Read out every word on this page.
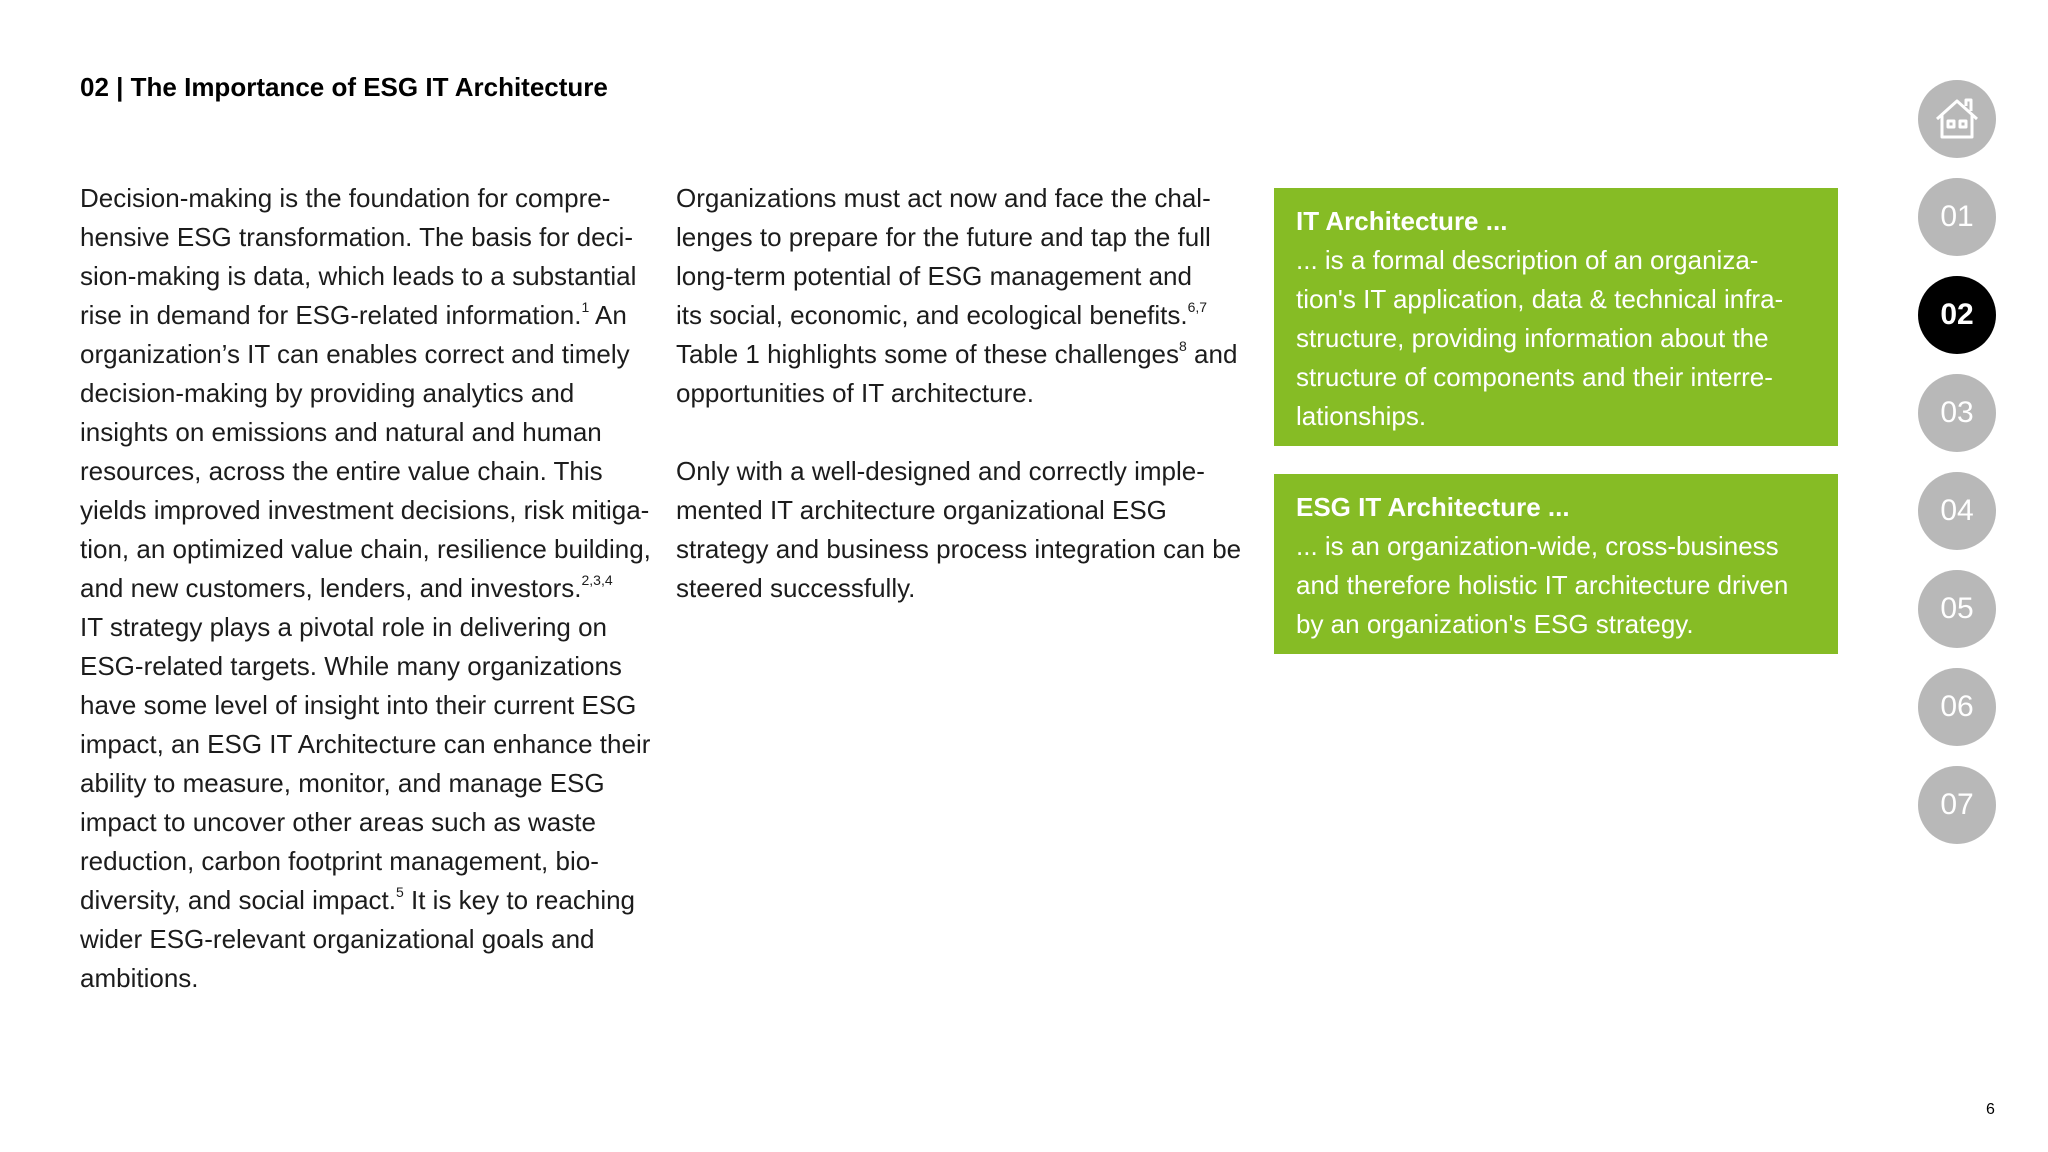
02 | The Importance of ESG IT Architecture

Decision-making is the foundation for compre-
hensive ESG transformation. The basis for deci-
sion-making is data, which leads to a substantial
rise in demand for ESG-related information.$^1$ An
organization’s IT can enables correct and timely
decision-making by providing analytics and
insights on emissions and natural and human
resources, across the entire value chain. This
yields improved investment decisions, risk mitiga-
tion, an optimized value chain, resilience building,
and new customers, lenders, and investors.$^{2,3,4}$
IT strategy plays a pivotal role in delivering on
ESG-related targets. While many organizations
have some level of insight into their current ESG
impact, an ESG IT Architecture can enhance their
ability to measure, monitor, and manage ESG
impact to uncover other areas such as waste
reduction, carbon footprint management, bio-
diversity, and social impact.$^5$ It is key to reaching
wider ESG-relevant organizational goals and
ambitions.

Organizations must act now and face the chal-
lenges to prepare for the future and tap the full
long-term potential of ESG management and
its social, economic, and ecological benefits.$^{6,7}$
Table 1 highlights some of these challenges$^8$ and
opportunities of IT architecture.

Only with a well-designed and correctly imple-
mented IT architecture organizational ESG
strategy and business process integration can be
steered successfully.

IT Architecture ...
... is a formal description of an organiza-
tion's IT application, data & technical infra-
structure, providing information about the
structure of components and their interre-
lationships.
ESG IT Architecture ...
... is an organization-wide, cross-business
and therefore holistic IT architecture driven
by an organization's ESG strategy.
01
02
03
04
05
06
07

6
